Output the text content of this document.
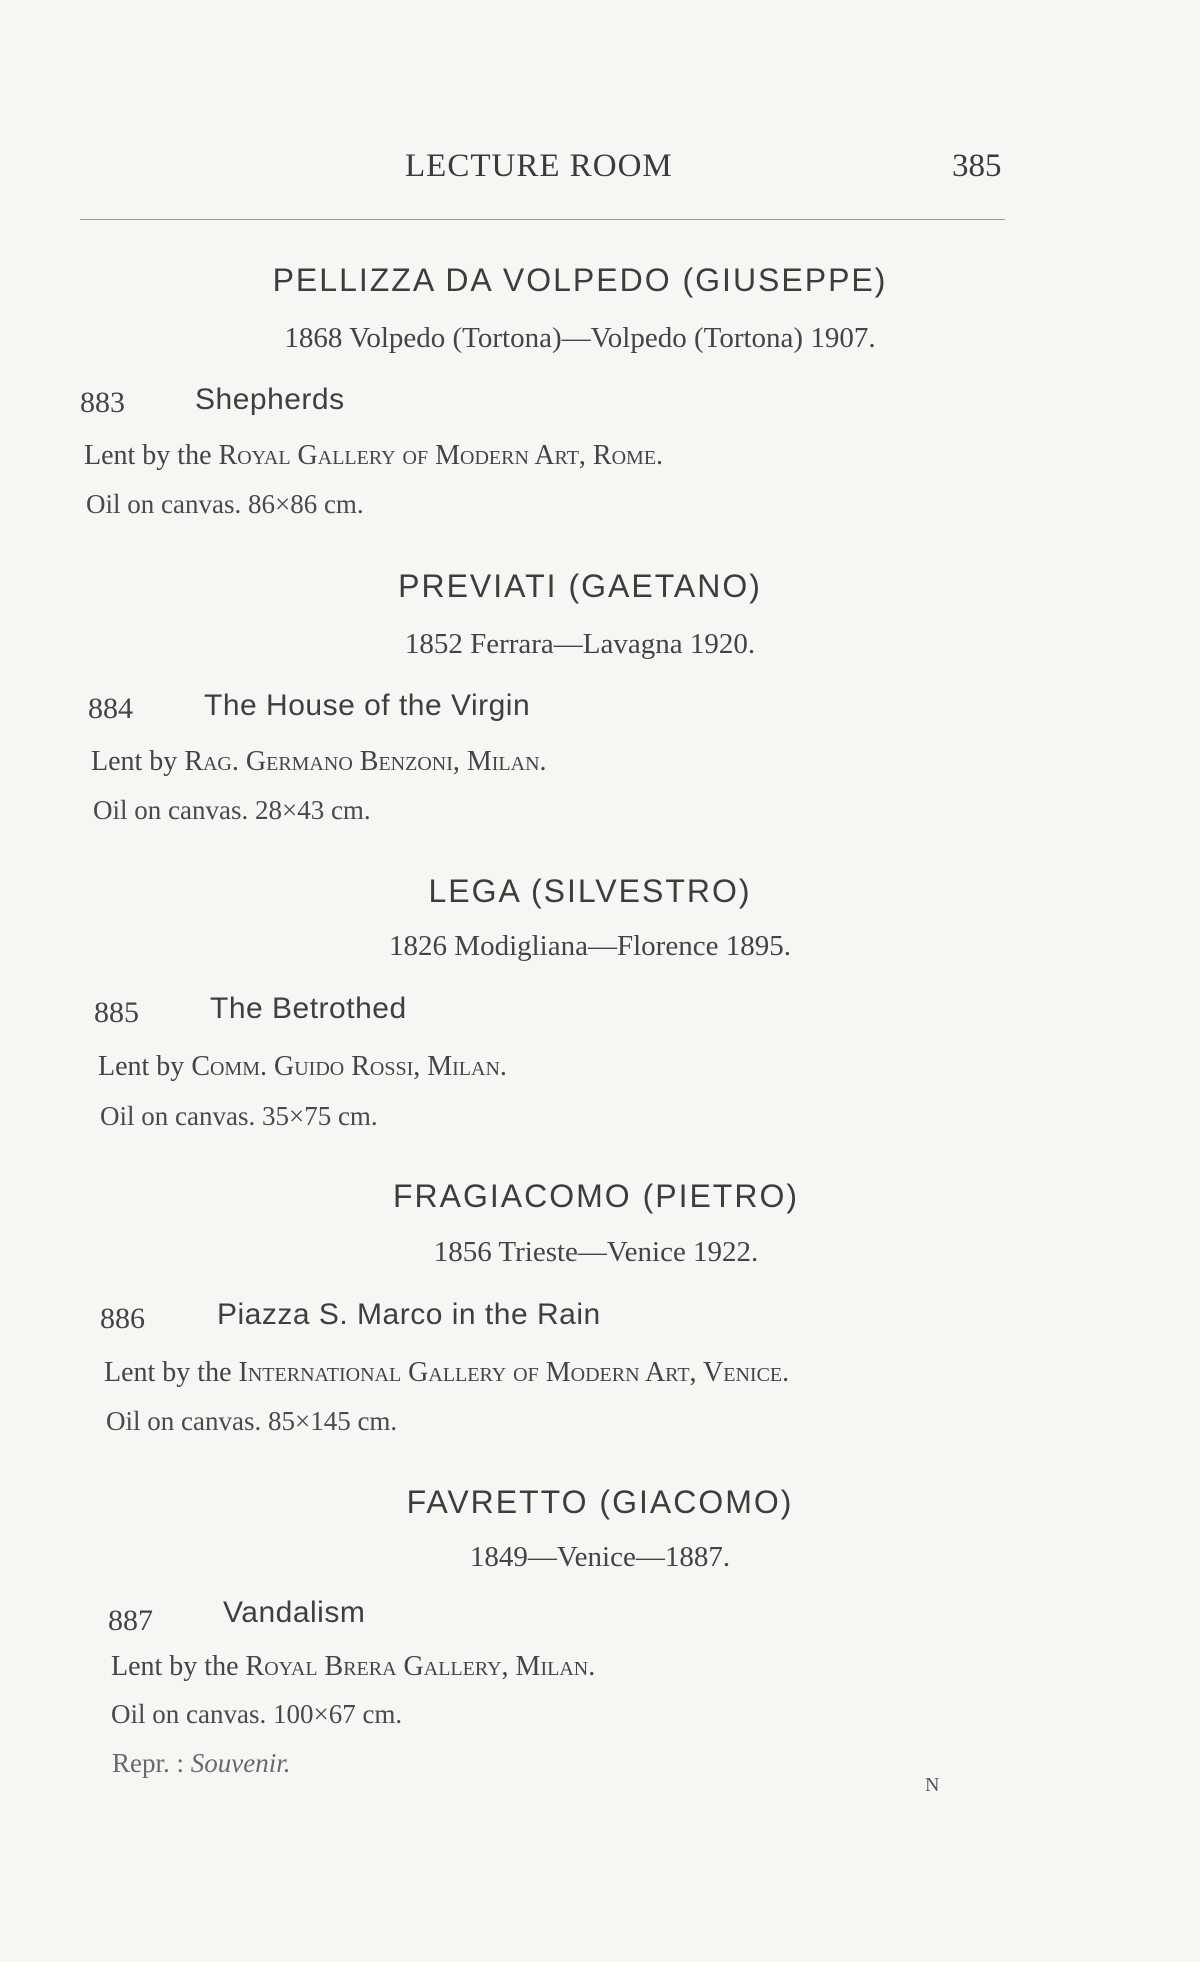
LECTURE ROOM	385
PELLIZZA DA VOLPEDO (GIUSEPPE)
1868 Volpedo (Tortona)—Volpedo (Tortona) 1907.
883 Shepherds
Lent by the Royal Gallery of Modern Art, Rome.
Oil on canvas. 86×86 cm.
PREVIATI (GAETANO)
1852 Ferrara—Lavagna 1920.
884 The House of the Virgin
Lent by Rag. Germano Benzoni, Milan.
Oil on canvas. 28×43 cm.
LEGA (SILVESTRO)
1826 Modigliana—Florence 1895.
885 The Betrothed
Lent by Comm. Guido Rossi, Milan.
Oil on canvas. 35×75 cm.
FRAGIACOMO (PIETRO)
1856 Trieste—Venice 1922.
886 Piazza S. Marco in the Rain
Lent by the International Gallery of Modern Art, Venice.
Oil on canvas. 85×145 cm.
FAVRETTO (GIACOMO)
1849—Venice—1887.
887 Vandalism
Lent by the Royal Brera Gallery, Milan.
Oil on canvas. 100×67 cm.
Repr. : Souvenir.
N
